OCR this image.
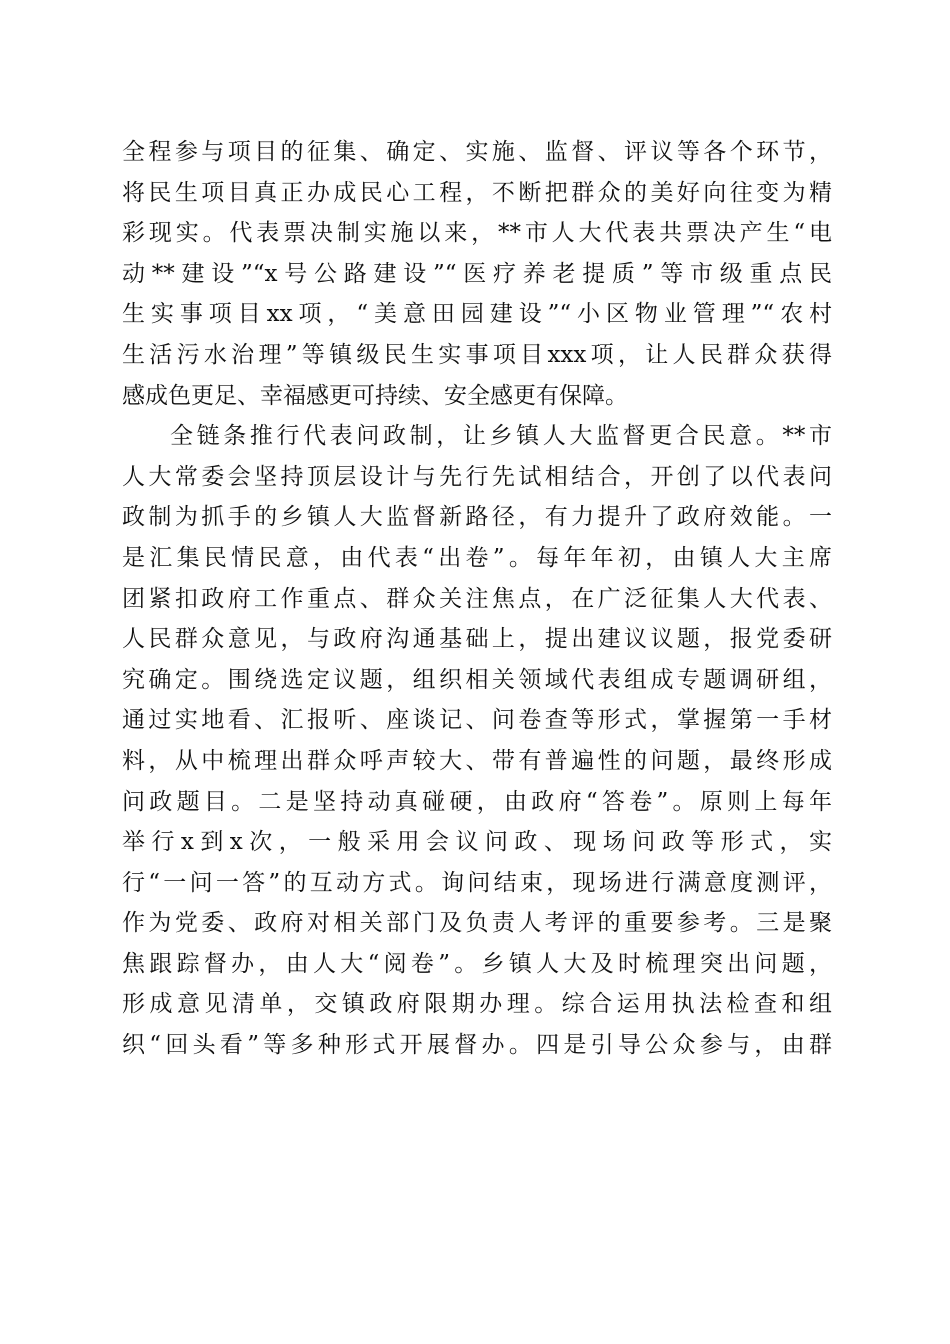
全程参与项目的征集、确定、实施、监督、评议等各个环节，
将民生项目真正办成民心工程，不断把群众的美好向往变为精
彩现实。代表票决制实施以来，**市人大代表共票决产生“电
动**建设”“x号公路建设”“医疗养老提质”等市级重点民
生实事项目xx项，“美意田园建设”“小区物业管理”“农村
生活污水治理”等镇级民生实事项目xxx项，让人民群众获得
感成色更足、幸福感更可持续、安全感更有保障。
全链条推行代表问政制，让乡镇人大监督更合民意。**市
人大常委会坚持顶层设计与先行先试相结合，开创了以代表问
政制为抓手的乡镇人大监督新路径，有力提升了政府效能。一
是汇集民情民意，由代表“出卷”。每年年初，由镇人大主席
团紧扣政府工作重点、群众关注焦点，在广泛征集人大代表、
人民群众意见，与政府沟通基础上，提出建议议题，报党委研
究确定。围绕选定议题，组织相关领域代表组成专题调研组，
通过实地看、汇报听、座谈记、问卷查等形式，掌握第一手材
料，从中梳理出群众呼声较大、带有普遍性的问题，最终形成
问政题目。二是坚持动真碰硬，由政府“答卷”。原则上每年
举行x到x次，一般采用会议问政、现场问政等形式，实
行“一问一答”的互动方式。询问结束，现场进行满意度测评，
作为党委、政府对相关部门及负责人考评的重要参考。三是聚
焦跟踪督办，由人大“阅卷”。乡镇人大及时梳理突出问题，
形成意见清单，交镇政府限期办理。综合运用执法检查和组
织“回头看”等多种形式开展督办。四是引导公众参与，由群
